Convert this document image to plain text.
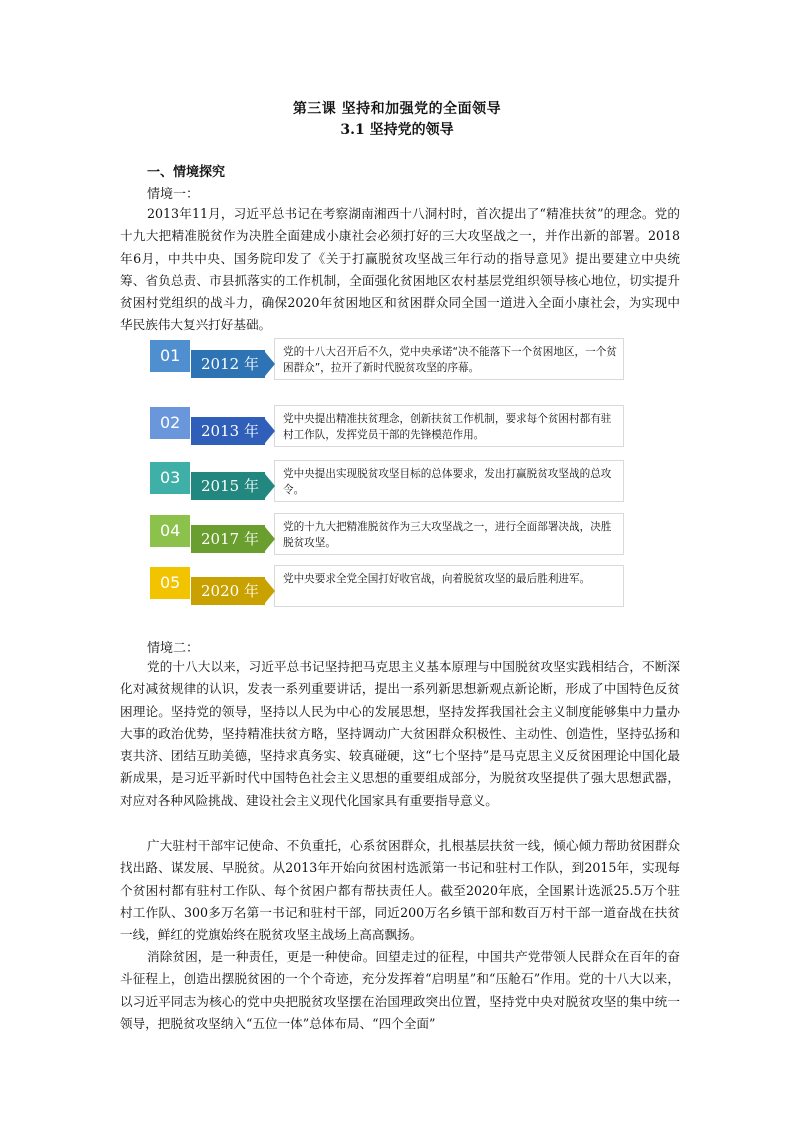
第三课 坚持和加强党的全面领导
3.1 坚持党的领导
一、情境探究
情境一：
2013年11月，习近平总书记在考察湖南湘西十八洞村时，首次提出了“精准扶贫”的理念。党的十九大把精准脱贫作为决胜全面建成小康社会必须打好的三大攻坚战之一，并作出新的部署。2018年6月，中共中央、国务院印发了《关于打赢脱贫攻坚战三年行动的指导意见》提出要建立中央统筹、省负总责、市县抓落实的工作机制，全面强化贫困地区农村基层党组织领导核心地位，切实提升贫困村党组织的战斗力，确保2020年贫困地区和贫困群众同全国一道进入全面小康社会，为实现中华民族伟大复兴打好基础。
党的十八大召开后不久，党中央承诺“决不能落下一个贫困地区，一个贫困群众”，拉开了新时代脱贫攻坚的序幕。
2012 年
01
党中央提出精准扶贫理念，创新扶贫工作机制，要求每个贫困村都有驻村工作队，发挥党员干部的先锋模范作用。
2013 年
02
党中央提出实现脱贫攻坚目标的总体要求，发出打赢脱贫攻坚战的总攻令。
2015 年
03
党的十九大把精准脱贫作为三大攻坚战之一，进行全面部署决战，决胜脱贫攻坚。
2017 年
04
党中央要求全党全国打好收官战，向着脱贫攻坚的最后胜利进军。
2020 年
05
情境二：
党的十八大以来，习近平总书记坚持把马克思主义基本原理与中国脱贫攻坚实践相结合，不断深化对减贫规律的认识，发表一系列重要讲话，提出一系列新思想新观点新论断，形成了中国特色反贫困理论。坚持党的领导，坚持以人民为中心的发展思想，坚持发挥我国社会主义制度能够集中力量办大事的政治优势，坚持精准扶贫方略，坚持调动广大贫困群众积极性、主动性、创造性，坚持弘扬和衷共济、团结互助美德，坚持求真务实、较真碰硬，这“七个坚持”是马克思主义反贫困理论中国化最新成果，是习近平新时代中国特色社会主义思想的重要组成部分，为脱贫攻坚提供了强大思想武器，对应对各种风险挑战、建设社会主义现代化国家具有重要指导意义。
广大驻村干部牢记使命、不负重托，心系贫困群众，扎根基层扶贫一线，倾心倾力帮助贫困群众找出路、谋发展、早脱贫。从2013年开始向贫困村选派第一书记和驻村工作队，到2015年，实现每个贫困村都有驻村工作队、每个贫困户都有帮扶责任人。截至2020年底，全国累计选派25.5万个驻村工作队、300多万名第一书记和驻村干部，同近200万名乡镇干部和数百万村干部一道奋战在扶贫一线，鲜红的党旗始终在脱贫攻坚主战场上高高飘扬。
消除贫困，是一种责任，更是一种使命。回望走过的征程，中国共产党带领人民群众在百年的奋斗征程上，创造出摆脱贫困的一个个奇迹，充分发挥着“启明星”和“压舱石”作用。党的十八大以来，以习近平同志为核心的党中央把脱贫攻坚摆在治国理政突出位置，坚持党中央对脱贫攻坚的集中统一领导，把脱贫攻坚纳入“五位一体”总体布局、“四个全面”
